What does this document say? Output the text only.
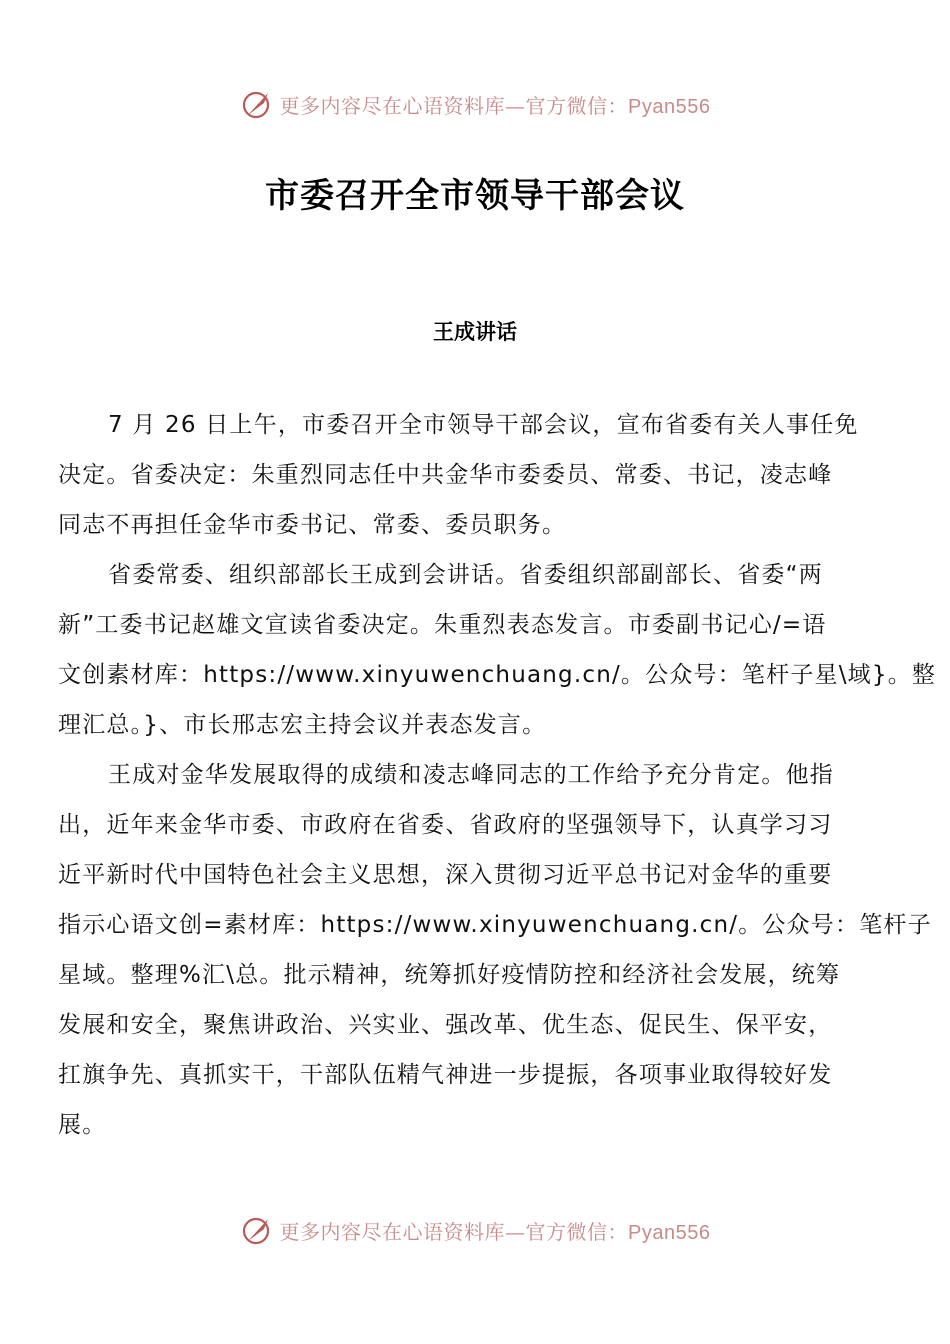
更多内容尽在心语资料库—官方微信：Pyan556
市委召开全市领导干部会议
王成讲话
7 月 26 日上午，市委召开全市领导干部会议，宣布省委有关人事任免
决定。省委决定：朱重烈同志任中共金华市委委员、常委、书记，凌志峰
同志不再担任金华市委书记、常委、委员职务。
省委常委、组织部部长王成到会讲话。省委组织部副部长、省委“两
新”工委书记赵雄文宣读省委决定。朱重烈表态发言。市委副书记心/=语
文创素材库：https://www.xinyuwenchuang.cn/。公众号：笔杆子星\域}。整
理汇总。}、市长邢志宏主持会议并表态发言。
王成对金华发展取得的成绩和凌志峰同志的工作给予充分肯定。他指
出，近年来金华市委、市政府在省委、省政府的坚强领导下，认真学习习
近平新时代中国特色社会主义思想，深入贯彻习近平总书记对金华的重要
指示心语文创=素材库：https://www.xinyuwenchuang.cn/。公众号：笔杆子
星域。整理%汇\总。批示精神，统筹抓好疫情防控和经济社会发展，统筹
发展和安全，聚焦讲政治、兴实业、强改革、优生态、促民生、保平安，
扛旗争先、真抓实干，干部队伍精气神进一步提振，各项事业取得较好发
展。
更多内容尽在心语资料库—官方微信：Pyan556
